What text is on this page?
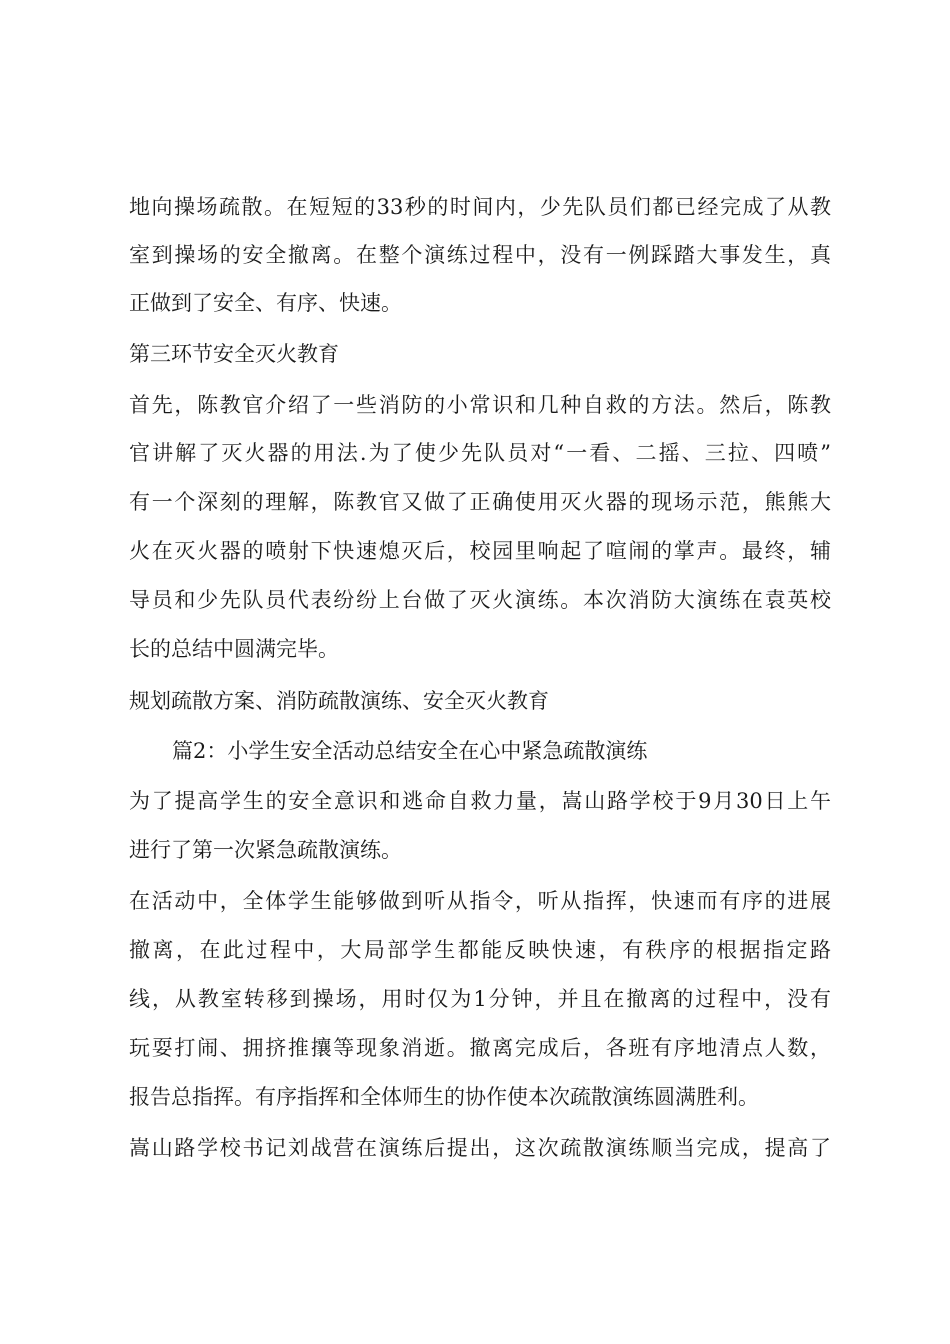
地向操场疏散。在短短的33秒的时间内，少先队员们都已经完成了从教
室到操场的安全撤离。在整个演练过程中，没有一例踩踏大事发生，真
正做到了安全、有序、快速。
第三环节安全灭火教育
首先，陈教官介绍了一些消防的小常识和几种自救的方法。然后，陈教
官讲解了灭火器的用法.为了使少先队员对“一看、二摇、三拉、四喷”
有一个深刻的理解，陈教官又做了正确使用灭火器的现场示范，熊熊大
火在灭火器的喷射下快速熄灭后，校园里响起了喧闹的掌声。最终，辅
导员和少先队员代表纷纷上台做了灭火演练。本次消防大演练在袁英校
长的总结中圆满完毕。
规划疏散方案、消防疏散演练、安全灭火教育
篇2：小学生安全活动总结安全在心中紧急疏散演练
为了提高学生的安全意识和逃命自救力量，嵩山路学校于9月30日上午
进行了第一次紧急疏散演练。
在活动中，全体学生能够做到听从指令，听从指挥，快速而有序的进展
撤离，在此过程中，大局部学生都能反映快速，有秩序的根据指定路
线，从教室转移到操场，用时仅为1分钟，并且在撤离的过程中，没有
玩耍打闹、拥挤推攘等现象消逝。撤离完成后，各班有序地清点人数，
报告总指挥。有序指挥和全体师生的协作使本次疏散演练圆满胜利。
嵩山路学校书记刘战营在演练后提出，这次疏散演练顺当完成，提高了
